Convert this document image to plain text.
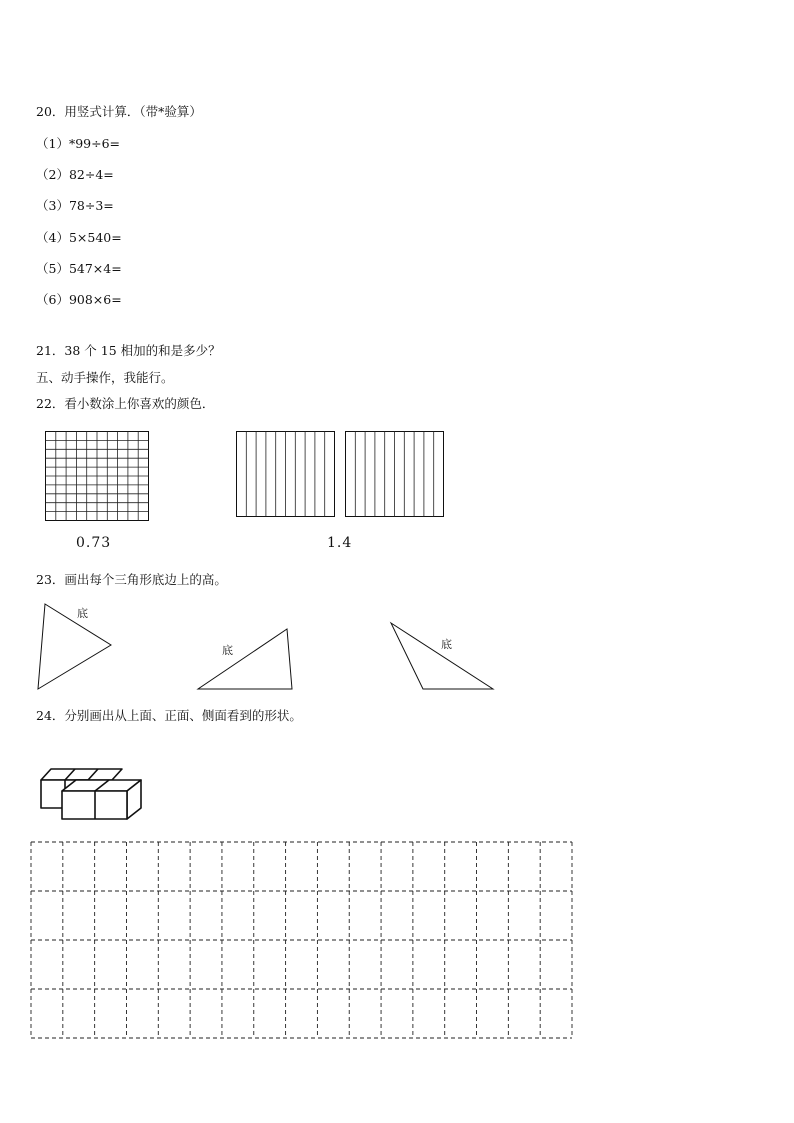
20．用竖式计算．（带*验算）
（1）*99÷6=
（2）82÷4=
（3）78÷3=
（4）5×540=
（5）547×4=
（6）908×6=
21．38 个 15 相加的和是多少？
五、动手操作，我能行。
22．看小数涂上你喜欢的颜色．
0.73	1.4
23．画出每个三角形底边上的高。
底
底	底
24．分别画出从上面、正面、侧面看到的形状。
